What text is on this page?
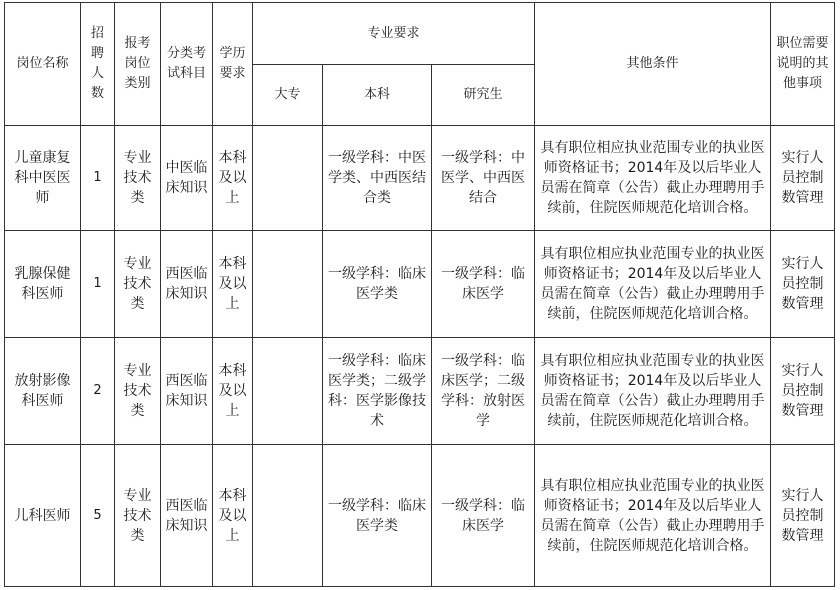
岗位名称	招聘人数	报考岗位类别	分类考试科目	学历要求	专业要求			其他条件	职位需要说明的其他事项
					大专	本科	研究生		
儿童康复科中医医师	1	专业技术类	中医临床知识	本科及以上		一级学科：中医学类、中西医结合类	一级学科：中医学、中西医结合	具有职位相应执业范围专业的执业医师资格证书；2014年及以后毕业人员需在简章（公告）截止办理聘用手续前，住院医师规范化培训合格。	实行人员控制数管理
乳腺保健科医师	1	专业技术类	西医临床知识	本科及以上		一级学科：临床医学类	一级学科：临床医学	具有职位相应执业范围专业的执业医师资格证书；2014年及以后毕业人员需在简章（公告）截止办理聘用手续前，住院医师规范化培训合格。	实行人员控制数管理
放射影像科医师	2	专业技术类	西医临床知识	本科及以上		一级学科：临床医学类；二级学科：医学影像技术	一级学科：临床医学；二级学科：放射医学	具有职位相应执业范围专业的执业医师资格证书；2014年及以后毕业人员需在简章（公告）截止办理聘用手续前，住院医师规范化培训合格。	实行人员控制数管理
儿科医师	5	专业技术类	西医临床知识	本科及以上		一级学科：临床医学类	一级学科：临床医学	具有职位相应执业范围专业的执业医师资格证书；2014年及以后毕业人员需在简章（公告）截止办理聘用手续前，住院医师规范化培训合格。	实行人员控制数管理
